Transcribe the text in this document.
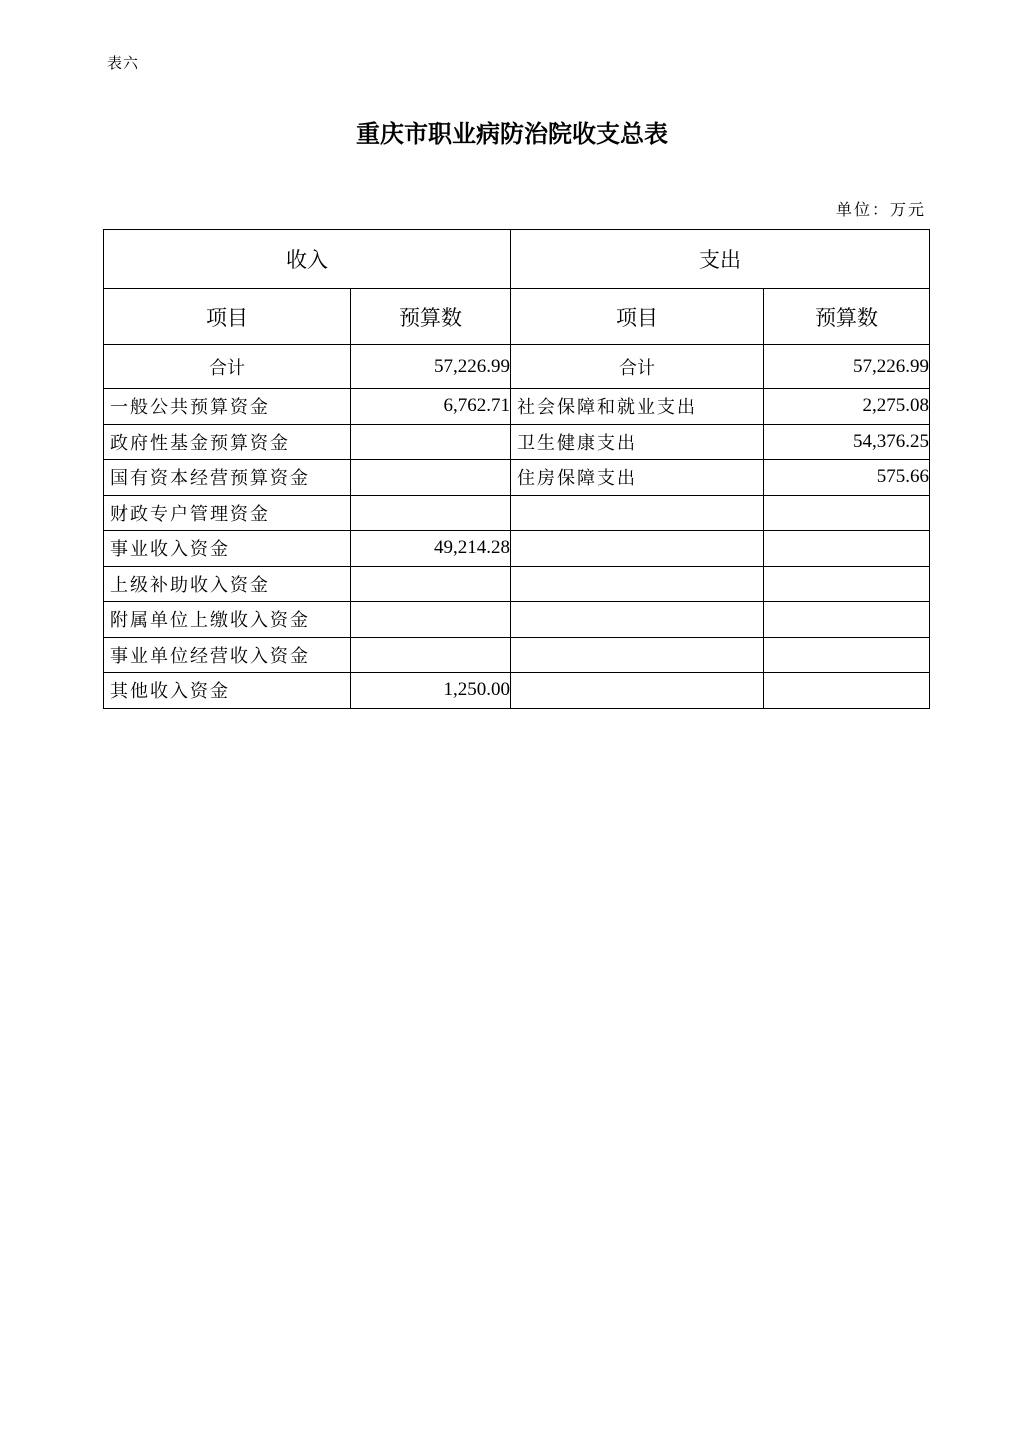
表六
重庆市职业病防治院收支总表
单位：万元
收入		支出	
项目	预算数	项目	预算数
合计	57,226.99	合计	57,226.99
一般公共预算资金	6,762.71	社会保障和就业支出	2,275.08
政府性基金预算资金		卫生健康支出	54,376.25
国有资本经营预算资金		住房保障支出	575.66
财政专户管理资金			
事业收入资金	49,214.28		
上级补助收入资金			
附属单位上缴收入资金			
事业单位经营收入资金			
其他收入资金	1,250.00		
